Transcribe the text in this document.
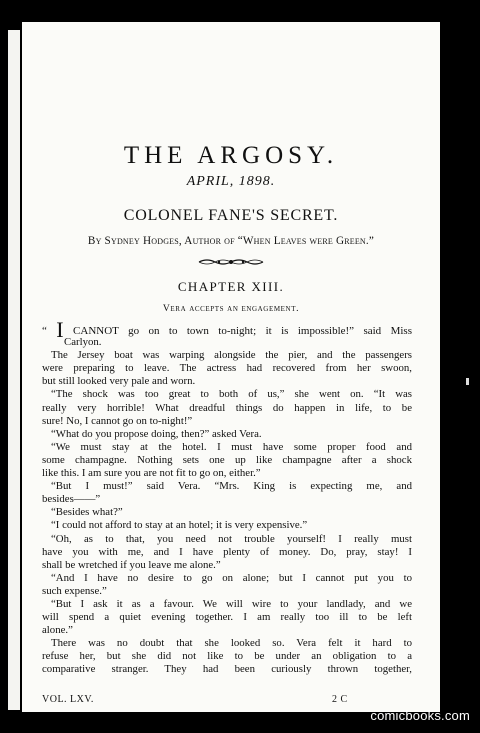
THE ARGOSY.
APRIL, 1898.
COLONEL FANE'S SECRET.
By Sydney Hodges, Author of “When Leaves were Green.”
CHAPTER XIII.
Vera accepts an engagement.
“ I CANNOT go on to town to-night; it is impossible!” said Miss
Carlyon.
The Jersey boat was warping alongside the pier, and the passengers
were preparing to leave. The actress had recovered from her swoon,
but still looked very pale and worn.
“The shock was too great to both of us,” she went on. “It was
really very horrible! What dreadful things do happen in life, to be
sure! No, I cannot go on to-night!”
“What do you propose doing, then?” asked Vera.
“We must stay at the hotel. I must have some proper food and
some champagne. Nothing sets one up like champagne after a shock
like this. I am sure you are not fit to go on, either.”
“But I must!” said Vera. “Mrs. King is expecting me, and
besides——”
“Besides what?”
“I could not afford to stay at an hotel; it is very expensive.”
“Oh, as to that, you need not trouble yourself! I really must
have you with me, and I have plenty of money. Do, pray, stay! I
shall be wretched if you leave me alone.”
“And I have no desire to go on alone; but I cannot put you to
such expense.”
“But I ask it as a favour. We will wire to your landlady, and we
will spend a quiet evening together. I am really too ill to be left
alone.”
There was no doubt that she looked so. Vera felt it hard to
refuse her, but she did not like to be under an obligation to a
comparative stranger. They had been curiously thrown together,
VOL. LXV.	2 C
comicbooks.com
